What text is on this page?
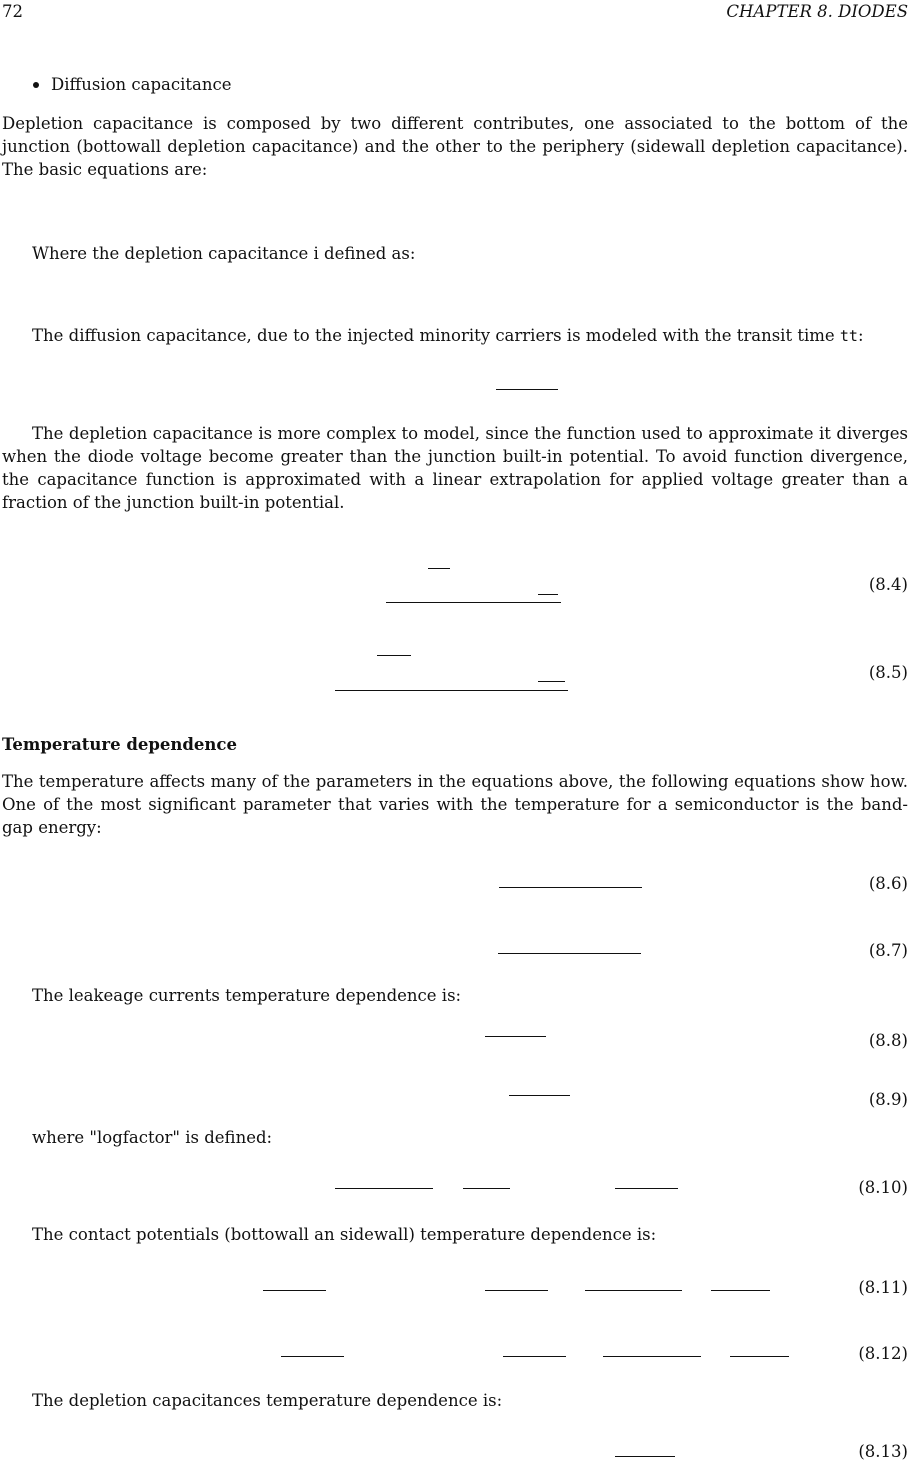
72	CHAPTER 8. DIODES
Diffusion capacitance
Depletion capacitance is composed by two different contributes, one associated to the bottom of the junction (bottowall depletion capacitance) and the other to the periphery (sidewall depletion capacitance). The basic equations are:
Where the depletion capacitance i defined as:
The diffusion capacitance, due to the injected minority carriers is modeled with the transit time tt:
The depletion capacitance is more complex to model, since the function used to approximate it diverges when the diode voltage become greater than the junction built-in potential. To avoid function divergence, the capacitance function is approximated with a linear extrapolation for applied voltage greater than a fraction of the junction built-in potential.
(8.4)
(8.5)
Temperature dependence
The temperature affects many of the parameters in the equations above, the following equations show how. One of the most significant parameter that varies with the temperature for a semiconductor is the band-gap energy:
(8.6)
(8.7)
The leakeage currents temperature dependence is:
(8.8)
(8.9)
where "logfactor" is defined:
(8.10)
The contact potentials (bottowall an sidewall) temperature dependence is:
(8.11)
(8.12)
The depletion capacitances temperature dependence is:
(8.13)
